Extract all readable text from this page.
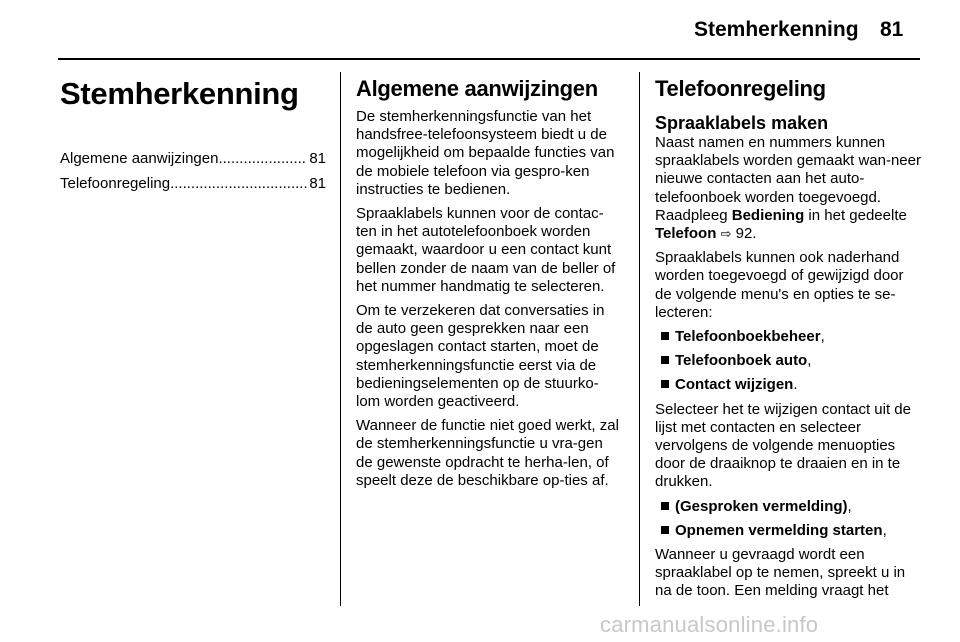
Stemherkenning 81
Stemherkenning
Algemene aanwijzingen .....	81
Telefoonregeling .....	81
Algemene aanwijzingen

De stemherkenningsfunctie van het handsfree-telefoonsysteem biedt u de mogelijkheid om bepaalde functies van de mobiele telefoon via gespro-ken instructies te bedienen.

Spraaklabels kunnen voor de contac-ten in het autotelefoonboek worden gemaakt, waardoor u een contact kunt bellen zonder de naam van de beller of het nummer handmatig te selecteren.

Om te verzekeren dat conversaties in de auto geen gesprekken naar een opgeslagen contact starten, moet de stemherkenningsfunctie eerst via de bedieningselementen op de stuurko-lom worden geactiveerd.

Wanneer de functie niet goed werkt, zal de stemherkenningsfunctie u vra-gen de gewenste opdracht te herha-len, of speelt deze de beschikbare op-ties af.

Telefoonregeling
Spraaklabels maken

Naast namen en nummers kunnen spraaklabels worden gemaakt wan-neer nieuwe contacten aan het auto-telefoonboek worden toegevoegd.

Raadpleeg Bediening in het gedeelte Telefoon ⇨ 92.

Spraaklabels kunnen ook naderhand worden toegevoegd of gewijzigd door de volgende menu's en opties te se-lecteren:

Telefoonboekbeheer,
Telefoonboek auto,
Contact wijzigen.

Selecteer het te wijzigen contact uit de lijst met contacten en selecteer vervolgens de volgende menuopties door de draaiknop te draaien en in te drukken.

(Gesproken vermelding),
Opnemen vermelding starten,

Wanneer u gevraagd wordt een spraaklabel op te nemen, spreekt u in na de toon. Een melding vraagt het

carmanualsonline.info
